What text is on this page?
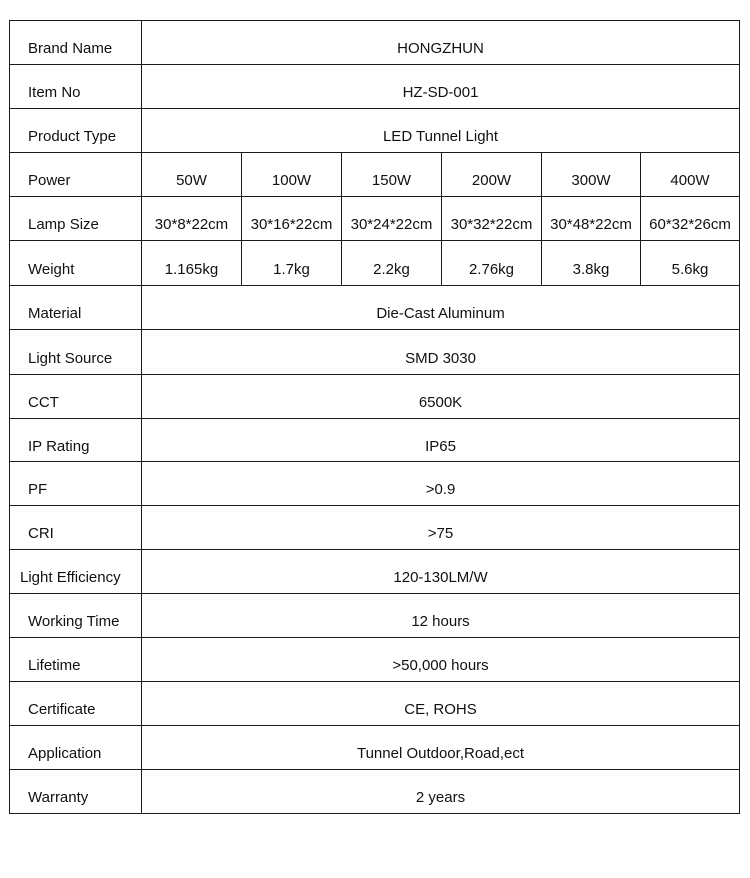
Brand Name	HONGZHUN					
Item No	HZ-SD-001					
Product Type	LED Tunnel Light					
Power	50W	100W	150W	200W	300W	400W
Lamp Size	30*8*22cm	30*16*22cm	30*24*22cm	30*32*22cm	30*48*22cm	60*32*26cm
Weight	1.165kg	1.7kg	2.2kg	2.76kg	3.8kg	5.6kg
Material	Die-Cast Aluminum					
Light Source	SMD 3030					
CCT	6500K					
IP Rating	IP65					
PF	>0.9					
CRI	>75					
Light Efficiency	120-130LM/W					
Working Time	12 hours					
Lifetime	>50,000 hours					
Certificate	CE, ROHS					
Application	Tunnel Outdoor,Road,ect					
Warranty	2 years					
